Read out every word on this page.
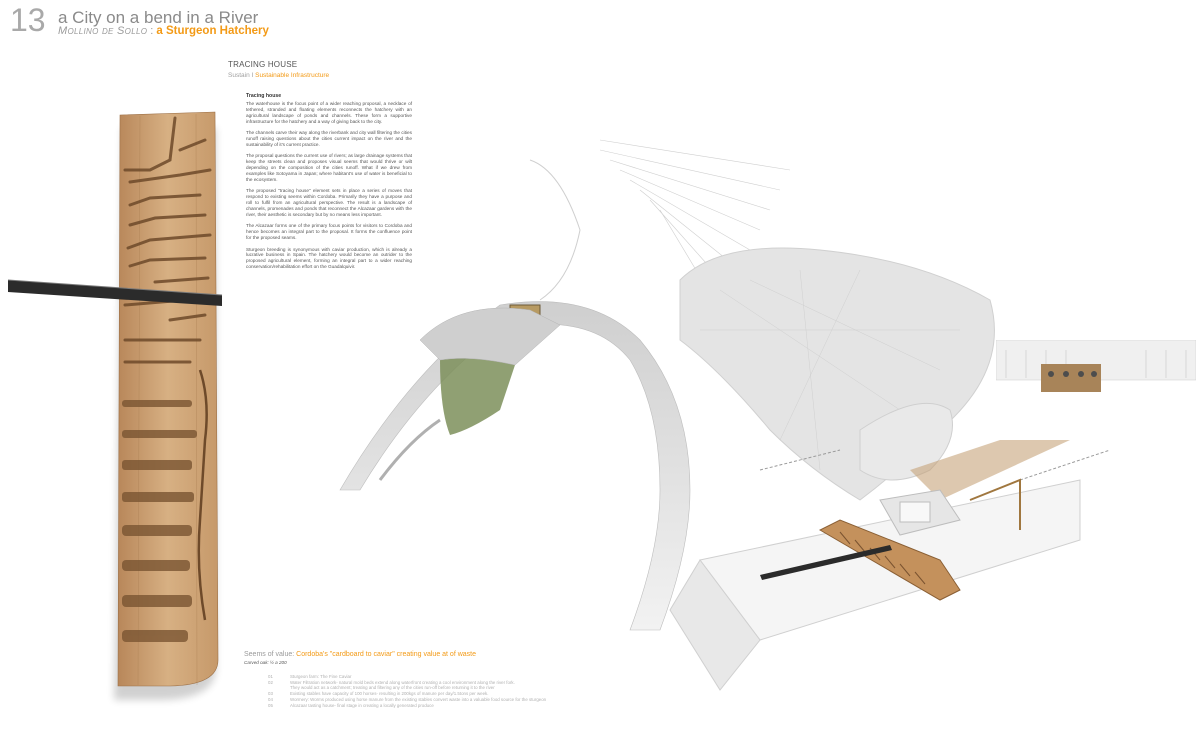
13 a City on a bend in a River
Mollino de Sollo : a Sturgeon Hatchery
TRACING HOUSE
Sustain I Sustainable Infrastructure
Tracing house

The waterhouse is the focus point of a wider reaching proposal, a necklace of tethered, stranded and floating elements reconnects the hatchery with an agricultural landscape of ponds and channels. These form a supportive infrastructure for the hatchery and a way of giving back to the city.

The channels carve their way along the riverbank and city wall filtering the cities runoff raising questions about the cities current impact on the river and the sustainability of it's current practice.

The proposal questions the current use of rivers; as large drainage systems that keep the streets clean and proposes visual seems that would thrive or wilt depending on the composition of the cities runoff. What if we drew from examples like Sotoyama in Japan; where habitant's use of water is beneficial to the ecosystem.

The proposed "tracing house" element sets in place a series of moves that respond to existing seems within Cordoba. Primarily they have a purpose and roll to fulfil from an agricultural perspective. The result is a landscape of channels, promenades and ponds that reconnect the Alcazaar gardens with the river, their aesthetic is secondary but by no means less important.

The Alcazaar forms one of the primary focus points for visitors to Cordoba and hence becomes an integral part to the proposal. It forms the confluence point for the proposed seams.

Sturgeon breeding is synonymous with caviar production, which is already a lucrative business in Spain. The hatchery would become an outrider to the proposed agricultural element, forming an integral part to a wider reaching conservation/rehabilitation effort on the Guadalquivir.

Seems of value: Cordoba's "cardboard to caviar" creating value at of waste
Carved oak: ½ a 200
01	Sturgeon farm: The Fine Caviar
02	Water Filtration network- natural mold beds extend along waterfront creating a cool environment along the river fork.
They would act as a catchment; treating and filtering any of the cities run-off before returning it to the river
03	Existing stables have capacity of 100 horses- resulting in 200kgs of manure per day/1.5tons per week.
04	Wormery: Worms produced using horse manure from the existing stables convert waste into a valuable food source for the sturgeon
05	Alcazaar tasting house- final stage in creating a locally generated produce
